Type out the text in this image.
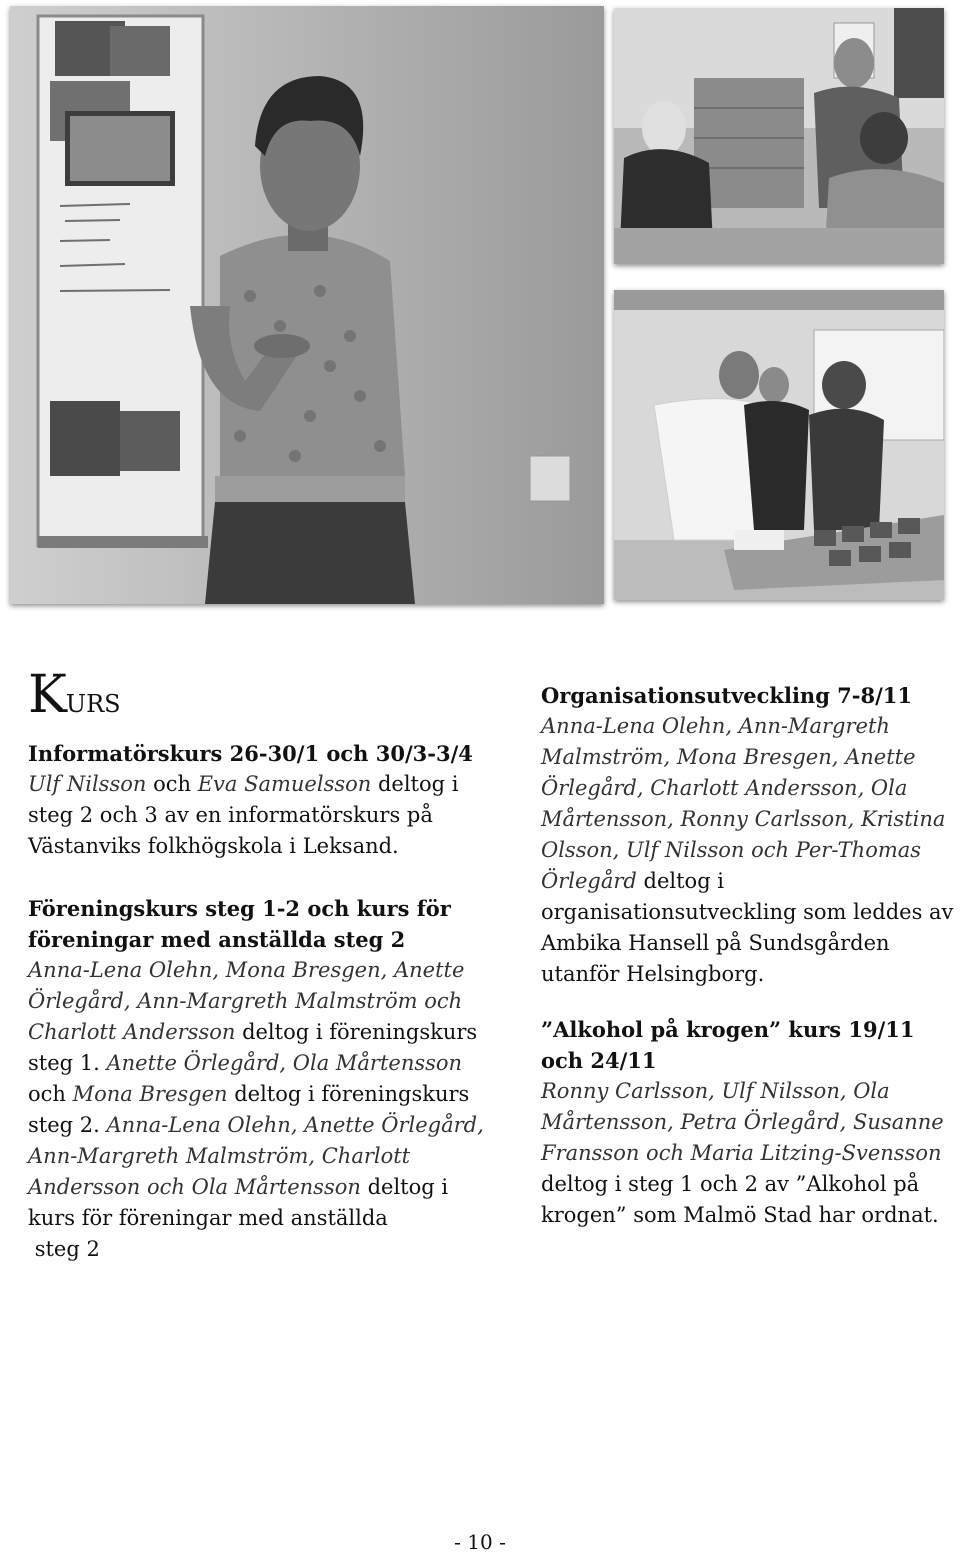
KURS
Informatörskurs 26-30/1 och 30/3-3/4

Ulf Nilsson och Eva Samuelsson deltog i steg 2 och 3 av en informatörskurs på Västanviks folkhögskola i Leksand.

Föreningskurs steg 1-2 och kurs för föreningar med anställda steg 2

Anna-Lena Olehn, Mona Bresgen, Anette Örlegård, Ann-Margreth Malmström och Charlott Andersson deltog i föreningskurs steg 1. Anette Örlegård, Ola Mårtensson och Mona Bresgen deltog i föreningskurs steg 2. Anna-Lena Olehn, Anette Örlegård, Ann-Margreth Malmström, Charlott Andersson och Ola Mårtensson deltog i kurs för föreningar med anställda
steg 2

Organisationsutveckling 7-8/11

Anna-Lena Olehn, Ann-Margreth Malmström, Mona Bresgen, Anette Örlegård, Charlott Andersson, Ola Mårtensson, Ronny Carlsson, Kristina Olsson, Ulf Nilsson och Per-Thomas Örlegård deltog i organisationsutveckling som leddes av Ambika Hansell på Sundsgården utanför Helsingborg.

”Alkohol på krogen” kurs 19/11 och 24/11

Ronny Carlsson, Ulf Nilsson, Ola Mårtensson, Petra Örlegård, Susanne Fransson och Maria Litzing-Svensson deltog i steg 1 och 2 av ”Alkohol på krogen” som Malmö Stad har ordnat.

- 10 -
